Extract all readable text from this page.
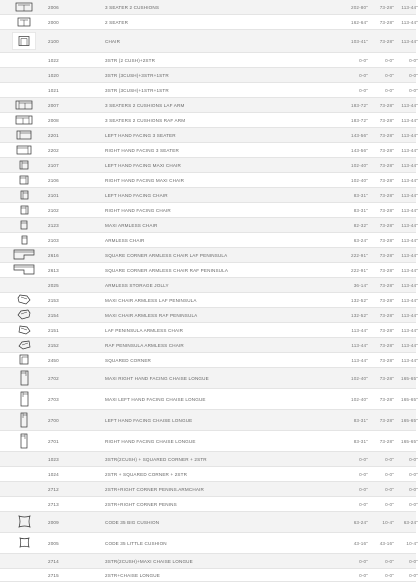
2006	3 SEATER 2 CUSHIONS	202-80"	73-28"	113-44"
2000	2 SEATER	162-64"	73-28"	113-44"
2100	CHAIR	103-41"	73-28"	113-44"
1022	3STR (2 CUSH)+2STR	0-0"	0-0"	0-0"
1020	3STR (3CUSH)+3STR+1STR	0-0"	0-0"	0-0"
1021	3STR (3CUSH)+1STR+1STR	0-0"	0-0"	0-0"
2007	3 SEATERS 2 CUSHIONS LAF ARM	183-72"	73-28"	113-44"
2008	3 SEATERS 2 CUSHIONS RAF ARM	183-72"	73-28"	113-44"
2201	LEFT HAND FACING 3 SEATER	143-56"	73-28"	113-44"
2202	RIGHT HAND FACING 3 SEATER	143-56"	73-28"	113-44"
2107	LEFT HAND FACING MAXI CHAIR	102-40"	73-28"	113-44"
2106	RIGHT HAND FACING MAXI CHAIR	102-40"	73-28"	113-44"
2101	LEFT HAND FACING CHAIR	83-31"	73-28"	113-44"
2102	RIGHT HAND FACING CHAIR	83-31"	73-28"	113-44"
2123	MAXI ARMLESS CHAIR	82-32"	73-28"	113-44"
2103	ARMLESS CHAIR	63-24"	73-28"	113-44"
2616	SQUARE CORNER ARMLESS CHAIR LAF PENINSULA	222-91"	73-28"	113-44"
2613	SQUARE CORNER ARMLESS CHAIR RAF PENINSULA	222-91"	73-28"	113-44"
2025	ARMLESS STORAGE JOLLY	36-14"	73-28"	113-44"
2153	MAXI CHAIR ARMLESS LAF PENINSULA	132-52"	73-28"	113-44"
2154	MAXI CHAIR ARMLESS RAF PENINSULA	132-52"	73-28"	113-44"
2151	LAF PENINSULA ARMLESS CHAIR	113-44"	73-28"	113-44"
2152	RAF PENINSULA ARMLESS CHAIR	113-44"	73-28"	113-44"
2450	SQUARED CORNER	113-44"	73-28"	113-44"
2702	MAXI RIGHT HAND FACING CHAISE LONGUE	102-40"	73-28"	165-65"
2703	MAXI LEFT HAND FACING CHAISE LONGUE	102-40"	73-28"	165-65"
2700	LEFT HAND FACING CHAISE LONGUE	83-31"	73-28"	165-65"
2701	RIGHT HAND FACING CHAISE LONGUE	83-31"	73-28"	165-65"
1023	3STR(2CUSH) + SQUARED CORNER + 2STR	0-0"	0-0"	0-0"
1024	2STR + SQUARED CORNER + 2STR	0-0"	0-0"	0-0"
2712	2STR+RIGHT CORNER PENINS.ARMCHAIR	0-0"	0-0"	0-0"
2713	2STR+RIGHT CORNER PENINS	0-0"	0-0"	0-0"
2009	CODE 35 BIG CUSHION	63-24"	10-4"	63-24"
2005	CODE 35 LITTLE CUSHION	43-16"	43-16"	10-4"
2714	3STR(2CUSH)+MAXI CHAISE LONGUE	0-0"	0-0"	0-0"
2715	2STR+CHAISE LONGUE	0-0"	0-0"	0-0"
